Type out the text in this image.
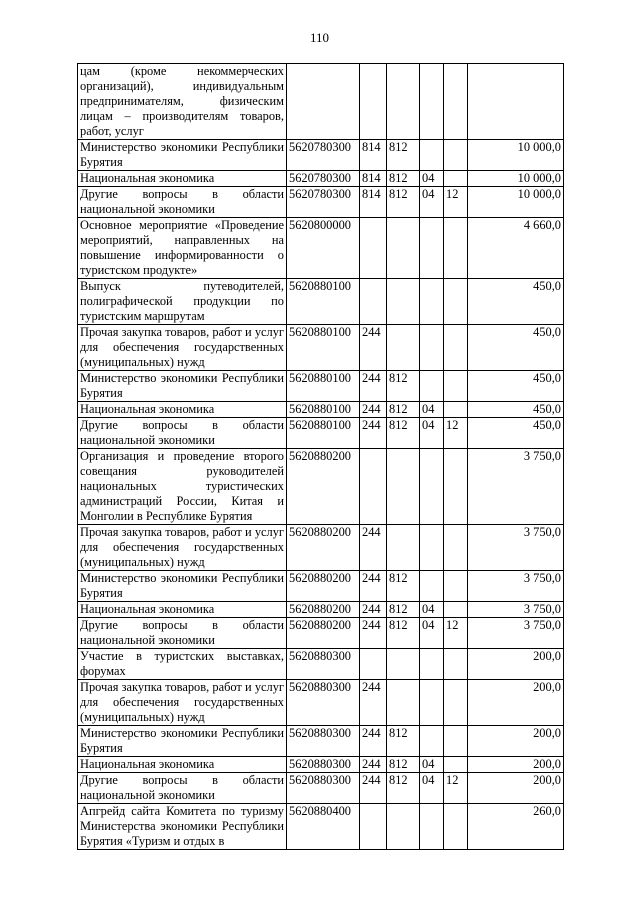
110
цам (кроме некоммерческих организаций), индивидуальным предпринимателям, физическим лицам – производителям товаров, работ, услуг						
Министерство экономики Республики Бурятия	5620780300	814	812			10 000,0
Национальная экономика	5620780300	814	812	04		10 000,0
Другие вопросы в области национальной экономики	5620780300	814	812	04	12	10 000,0
Основное мероприятие «Проведение мероприятий, направленных на повышение информированности о туристском продукте»	5620800000					4 660,0
Выпуск путеводителей, полиграфической продукции по туристским маршрутам	5620880100					450,0
Прочая закупка товаров, работ и услуг для обеспечения государственных (муниципальных) нужд	5620880100	244				450,0
Министерство экономики Республики Бурятия	5620880100	244	812			450,0
Национальная экономика	5620880100	244	812	04		450,0
Другие вопросы в области национальной экономики	5620880100	244	812	04	12	450,0
Организация и проведение второго совещания руководителей национальных туристических администраций России, Китая и Монголии в Республике Бурятия	5620880200					3 750,0
Прочая закупка товаров, работ и услуг для обеспечения государственных (муниципальных) нужд	5620880200	244				3 750,0
Министерство экономики Республики Бурятия	5620880200	244	812			3 750,0
Национальная экономика	5620880200	244	812	04		3 750,0
Другие вопросы в области национальной экономики	5620880200	244	812	04	12	3 750,0
Участие в туристских выставках, форумах	5620880300					200,0
Прочая закупка товаров, работ и услуг для обеспечения государственных (муниципальных) нужд	5620880300	244				200,0
Министерство экономики Республики Бурятия	5620880300	244	812			200,0
Национальная экономика	5620880300	244	812	04		200,0
Другие вопросы в области национальной экономики	5620880300	244	812	04	12	200,0
Апгрейд сайта Комитета по туризму Министерства экономики Республики Бурятия «Туризм и отдых в	5620880400					260,0
